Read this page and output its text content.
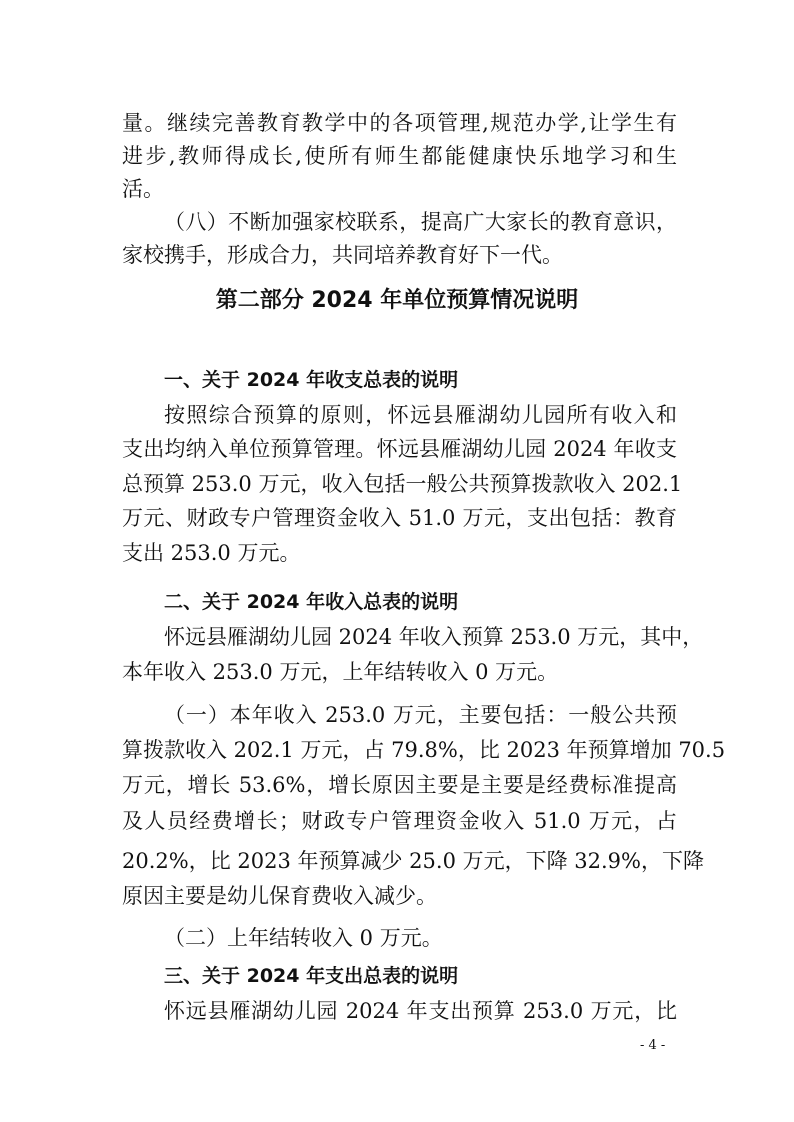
量。继续完善教育教学中的各项管理,规范办学,让学生有
进步,教师得成长,使所有师生都能健康快乐地学习和生
活。
（八）不断加强家校联系，提高广大家长的教育意识，
家校携手，形成合力，共同培养教育好下一代。
第二部分 2024 年单位预算情况说明
一、关于 2024 年收支总表的说明
按照综合预算的原则，怀远县雁湖幼儿园所有收入和
支出均纳入单位预算管理。怀远县雁湖幼儿园 2024 年收支
总预算 253.0 万元，收入包括一般公共预算拨款收入 202.1
万元、财政专户管理资金收入 51.0 万元，支出包括：教育
支出 253.0 万元。
二、关于 2024 年收入总表的说明
怀远县雁湖幼儿园 2024 年收入预算 253.0 万元，其中，
本年收入 253.0 万元，上年结转收入 0 万元。
（一）本年收入 253.0 万元，主要包括：一般公共预
算拨款收入 202.1 万元，占 79.8%，比 2023 年预算增加 70.5
万元，增长 53.6%，增长原因主要是主要是经费标准提高
及人员经费增长；财政专户管理资金收入 51.0 万元，占
20.2%，比 2023 年预算减少 25.0 万元，下降 32.9%，下降
原因主要是幼儿保育费收入减少。
（二）上年结转收入 0 万元。
三、关于 2024 年支出总表的说明
怀远县雁湖幼儿园 2024 年支出预算 253.0 万元，比
- 4 -
